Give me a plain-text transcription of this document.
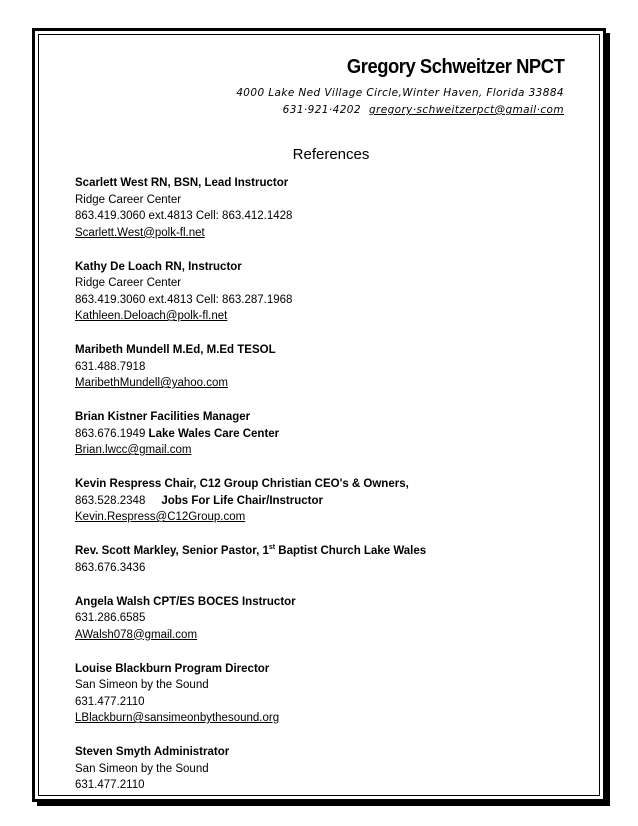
Gregory Schweitzer NPCT
4000 Lake Ned Village Circle,Winter Haven, Florida 33884
631·921·4202 gregory·schweitzerpct@gmail·com
References
Scarlett West RN, BSN, Lead Instructor
Ridge Career Center
863.419.3060 ext.4813 Cell: 863.412.1428
Scarlett.West@polk-fl.net
Kathy De Loach RN, Instructor
Ridge Career Center
863.419.3060 ext.4813 Cell: 863.287.1968
Kathleen.Deloach@polk-fl.net
Maribeth Mundell M.Ed, M.Ed TESOL
631.488.7918
MaribethMundell@yahoo.com
Brian Kistner Facilities Manager
863.676.1949 Lake Wales Care Center
Brian.lwcc@gmail.com
Kevin Respress Chair, C12 Group Christian CEO's & Owners,
863.528.2348     Jobs For Life Chair/Instructor
Kevin.Respress@C12Group.com
Rev. Scott Markley, Senior Pastor, 1st Baptist Church Lake Wales
863.676.3436
Angela Walsh CPT/ES BOCES Instructor
631.286.6585
AWalsh078@gmail.com
Louise Blackburn Program Director
San Simeon by the Sound
631.477.2110
LBlackburn@sansimeonbythesound.org
Steven Smyth Administrator
San Simeon by the Sound
631.477.2110
